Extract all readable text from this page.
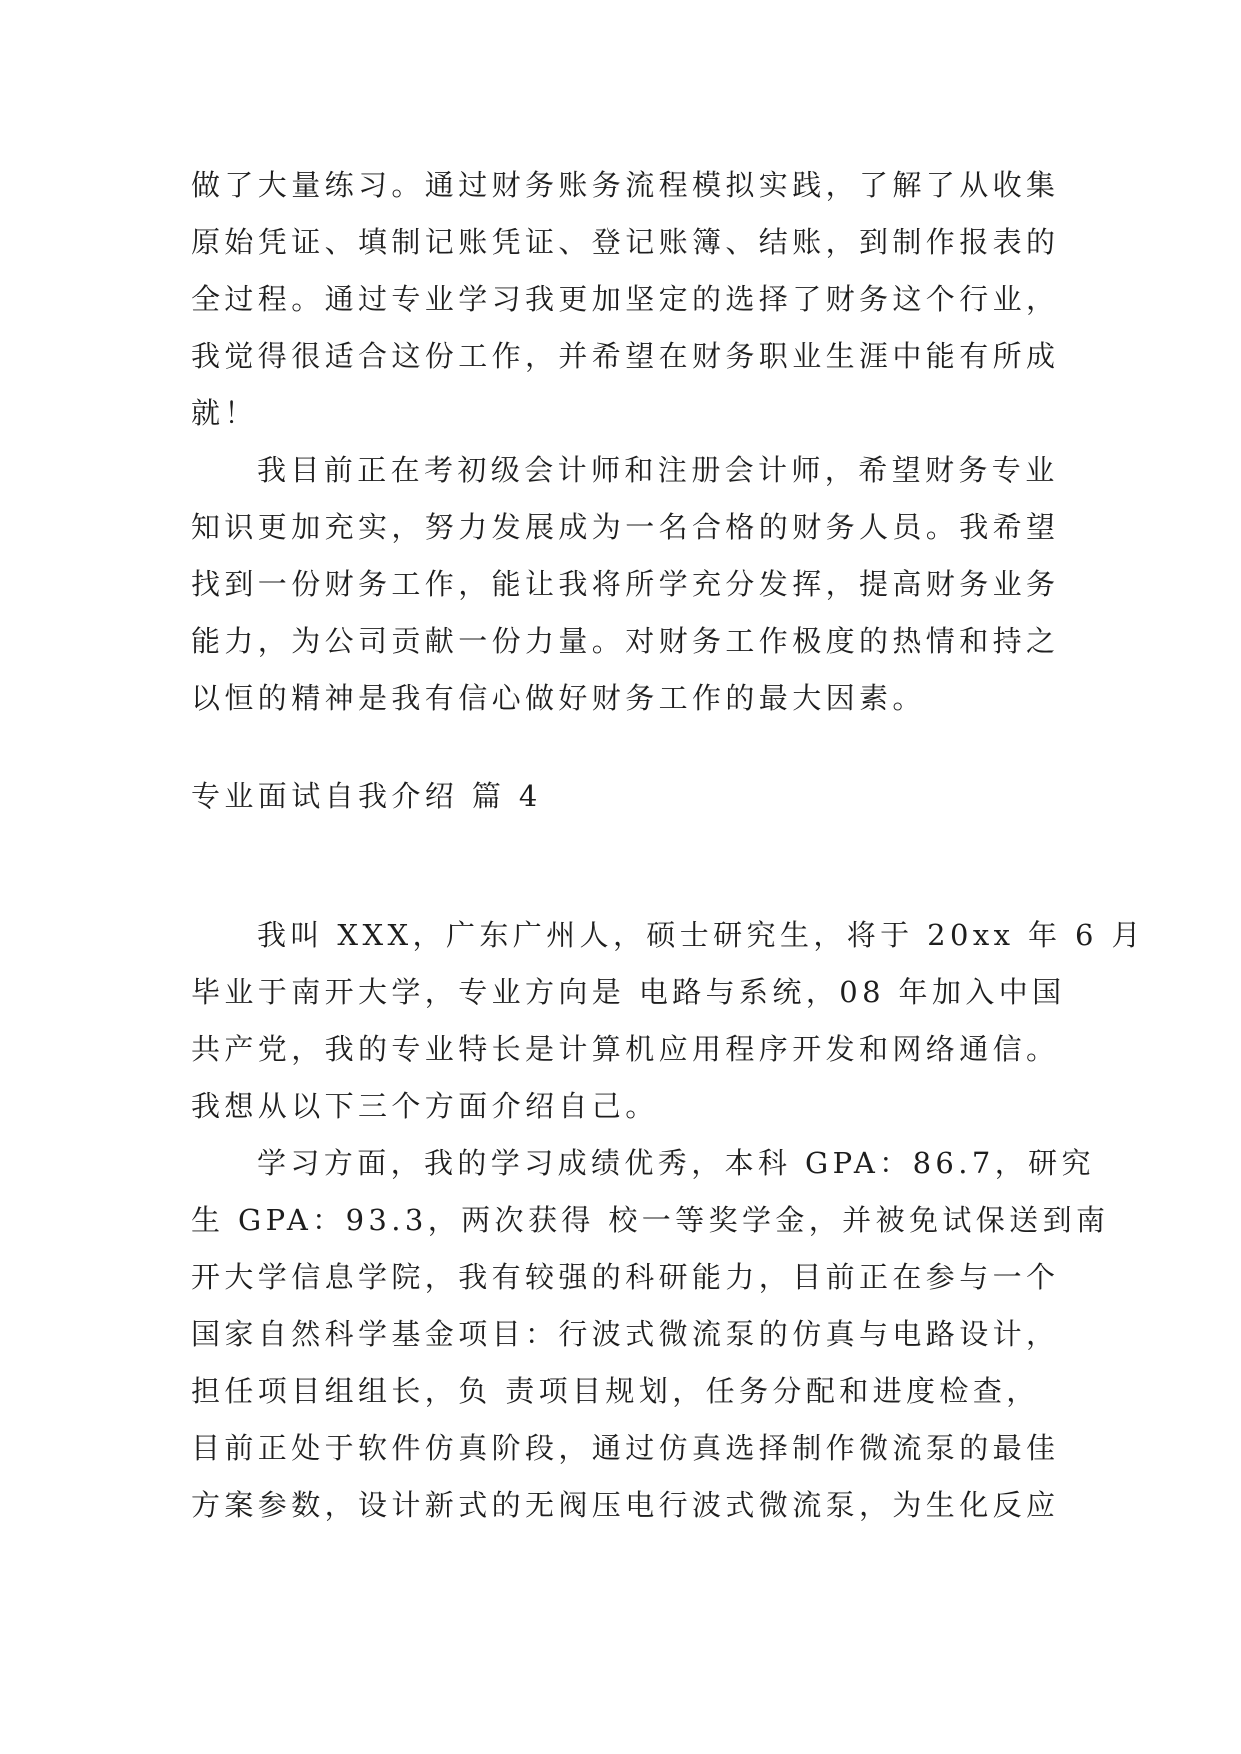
做了大量练习。通过财务账务流程模拟实践，了解了从收集
原始凭证、填制记账凭证、登记账簿、结账，到制作报表的
全过程。通过专业学习我更加坚定的选择了财务这个行业，
我觉得很适合这份工作，并希望在财务职业生涯中能有所成
就！
我目前正在考初级会计师和注册会计师，希望财务专业
知识更加充实，努力发展成为一名合格的财务人员。我希望
找到一份财务工作，能让我将所学充分发挥，提高财务业务
能力，为公司贡献一份力量。对财务工作极度的热情和持之
以恒的精神是我有信心做好财务工作的最大因素。
专业面试自我介绍 篇 4
我叫 XXX，广东广州人，硕士研究生，将于 20xx 年 6 月
毕业于南开大学，专业方向是 电路与系统，08 年加入中国
共产党，我的专业特长是计算机应用程序开发和网络通信。
我想从以下三个方面介绍自己。
学习方面，我的学习成绩优秀，本科 GPA：86.7，研究
生 GPA：93.3，两次获得 校一等奖学金，并被免试保送到南
开大学信息学院，我有较强的科研能力，目前正在参与一个
国家自然科学基金项目：行波式微流泵的仿真与电路设计，
担任项目组组长，负 责项目规划，任务分配和进度检查，
目前正处于软件仿真阶段，通过仿真选择制作微流泵的最佳
方案参数，设计新式的无阀压电行波式微流泵，为生化反应
